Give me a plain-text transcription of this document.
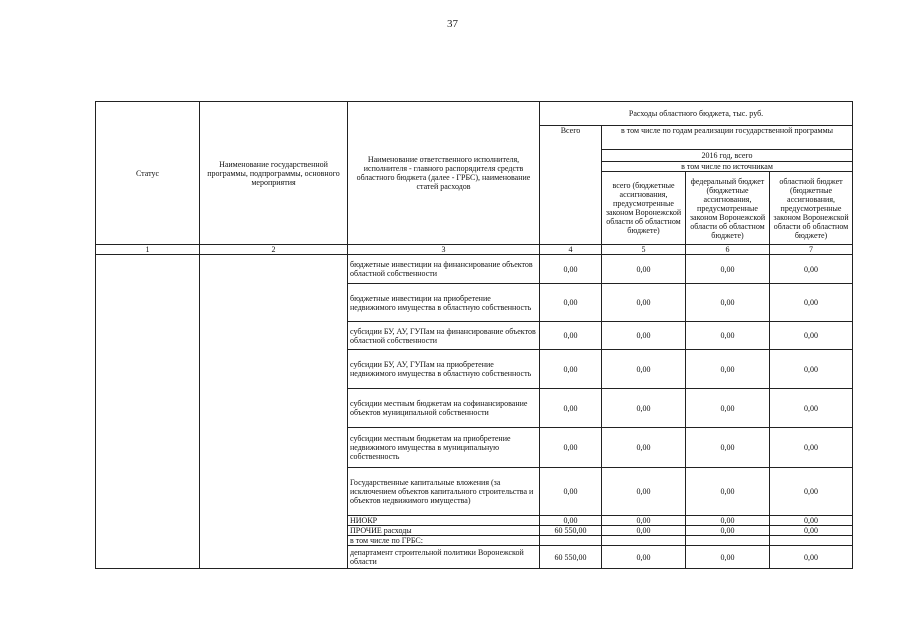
37
Статус	Наименование государственной программы, подпрограммы, основного мероприятия	Наименование ответственного исполнителя, исполнителя - главного распорядителя средств областного бюджета (далее - ГРБС), наименование статей расходов	Расходы областного бюджета, тыс. руб.			
			Всего	в том числе по годам реализации государственной программы		
				2016 год, всего		
				в том числе по источникам		
				всего (бюджетные ассигнования, предусмотренные законом Воронежской области об областном бюджете)	федеральный бюджет (бюджетные ассигнования, предусмотренные законом Воронежской области об областном бюджете)	областной бюджет (бюджетные ассигнования, предусмотренные законом Воронежской области об областном бюджете)
1	2	3	4	5	6	7
		бюджетные инвестиции на финансирование объектов областной собственности	0,00	0,00	0,00	0,00
		бюджетные инвестиции на приобретение недвижимого имущества в областную собственность	0,00	0,00	0,00	0,00
		субсидии БУ, АУ, ГУПам на финансирование объектов областной собственности	0,00	0,00	0,00	0,00
		субсидии БУ, АУ, ГУПам на приобретение недвижимого имущества в областную собственность	0,00	0,00	0,00	0,00
		субсидии местным бюджетам на софинансирование объектов муниципальной собственности	0,00	0,00	0,00	0,00
		субсидии местным бюджетам на приобретение недвижимого имущества в муниципальную собственность	0,00	0,00	0,00	0,00
		Государственные капитальные вложения (за исключением объектов капитального строительства и объектов недвижимого имущества)	0,00	0,00	0,00	0,00
		НИОКР	0,00	0,00	0,00	0,00
		ПРОЧИЕ расходы	60 550,00	0,00	0,00	0,00
		в том числе по ГРБС:				
		департамент строительной политики Воронежской области	60 550,00	0,00	0,00	0,00
